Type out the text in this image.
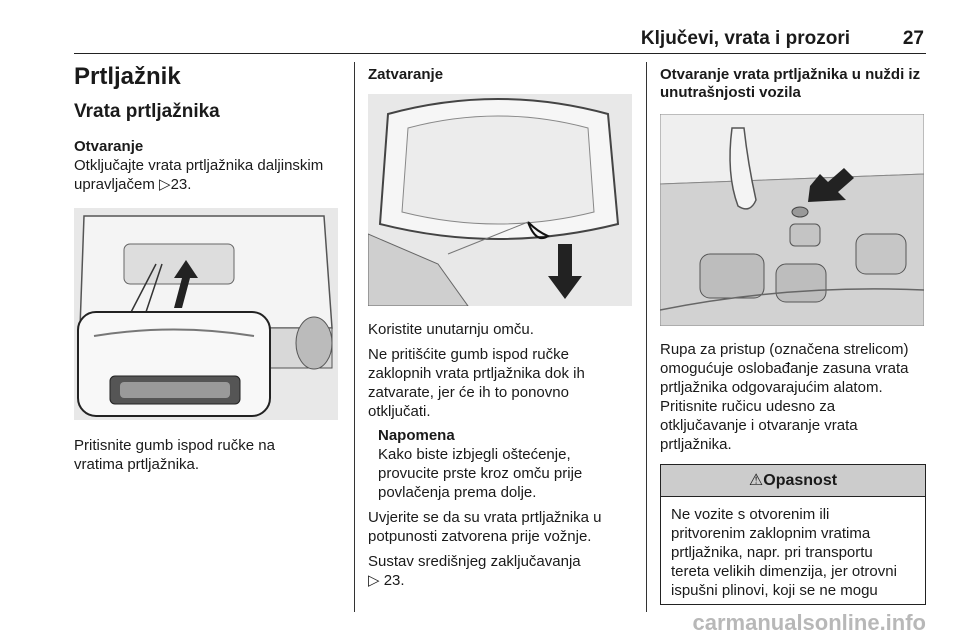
Ključevi, vrata i prozori	27
Prtljažnik
Vrata prtljažnika
Otvaranje
Otključajte vrata prtljažnika daljinskim
upravljačem ▷23.
Pritisnite gumb ispod ručke na
vratima prtljažnika.
Zatvaranje

Koristite unutarnju omču.

Ne pritišćite gumb ispod ručke
zaklopnih vrata prtljažnika dok ih
zatvarate, jer će ih to ponovno
otključati.
Napomena
Kako biste izbjegli oštećenje,
provucite prste kroz omču prije
povlačenja prema dolje.
Uvjerite se da su vrata prtljažnika u
potpunosti zatvorena prije vožnje.
Sustav središnjeg zaključavanja
▷ 23.
Otvaranje vrata prtljažnika u nuždi iz
unutrašnjosti vozila
Rupa za pristup (označena strelicom)
omogućuje oslobađanje zasuna vrata
prtljažnika odgovarajućim alatom.
Pritisnite ručicu udesno za
otključavanje i otvaranje vrata
prtljažnika.
⚠Opasnost
Ne vozite s otvorenim ili
pritvorenim zaklopnim vratima
prtljažnika, napr. pri transportu
tereta velikih dimenzija, jer otrovni
ispušni plinovi, koji se ne mogu
carmanualsonline.info
